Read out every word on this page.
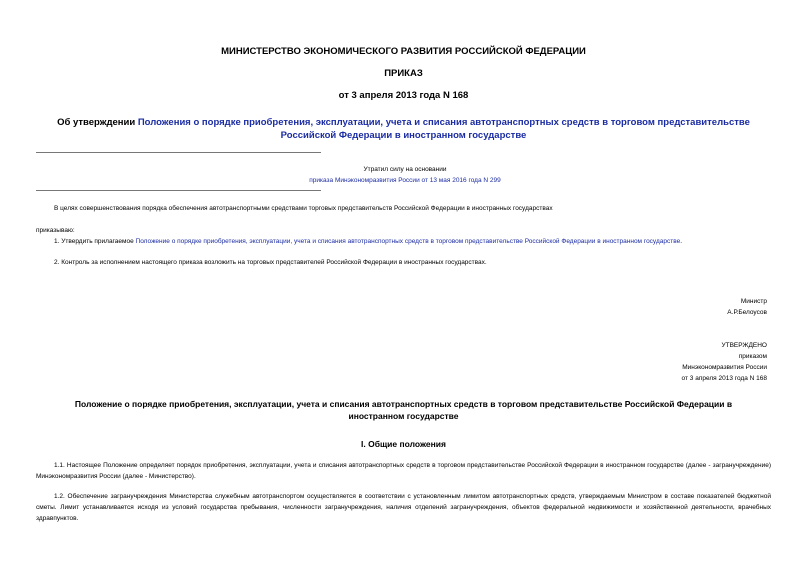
МИНИСТЕРСТВО ЭКОНОМИЧЕСКОГО РАЗВИТИЯ РОССИЙСКОЙ ФЕДЕРАЦИИ
ПРИКАЗ
от 3 апреля 2013 года N 168
Об утверждении Положения о порядке приобретения, эксплуатации, учета и списания автотранспортных средств в торговом представительстве Российской Федерации в иностранном государстве
Утратил силу на основании
приказа Минэкономразвития России от 13 мая 2016 года N 299
В целях совершенствования порядка обеспечения автотранспортными средствами торговых представительств Российской Федерации в иностранных государствах
приказываю:
1. Утвердить прилагаемое Положение о порядке приобретения, эксплуатации, учета и списания автотранспортных средств в торговом представительстве Российской Федерации в иностранном государстве.
2. Контроль за исполнением настоящего приказа возложить на торговых представителей Российской Федерации в иностранных государствах.
Министр
А.Р.Белоусов
УТВЕРЖДЕНО
приказом
Минэкономразвития России
от 3 апреля 2013 года N 168
Положение о порядке приобретения, эксплуатации, учета и списания автотранспортных средств в торговом представительстве Российской Федерации в иностранном государстве
I. Общие положения
1.1. Настоящее Положение определяет порядок приобретения, эксплуатации, учета и списания автотранспортных средств в торговом представительстве Российской Федерации в иностранном государстве (далее - загранучреждение) Минэкономразвития России (далее - Министерство).
1.2. Обеспечение загранучреждения Министерства служебным автотранспортом осуществляется в соответствии с установленным лимитом автотранспортных средств, утверждаемым Министром в составе показателей бюджетной сметы. Лимит устанавливается исходя из условий государства пребывания, численности загранучреждения, наличия отделений загранучреждения, объектов федеральной недвижимости и хозяйственной деятельности, врачебных здравпунктов.
